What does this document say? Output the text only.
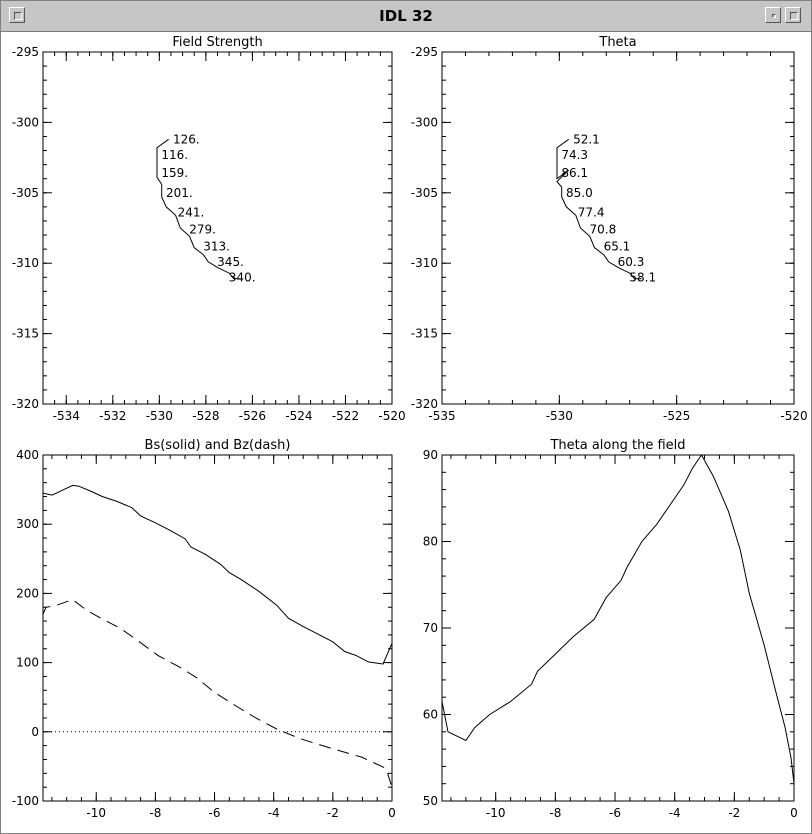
IDL 32
Field Strength
-534 -532 -530 -528 -526 -524 -522 -520
-295
-300
-305
-310
-315
-320
126.
116.
159.
201.
241.
279.
313.
345.
340.
Theta
-535	-530	-525	-520
-295
-300
-305
-310
-315
-320
52.1
74.3
86.1
85.0
77.4
70.8
65.1
60.3
58.1
Bs(solid) and Bz(dash)
-10	-8	-6	-4	-2	0
-100
0
100
200
300
400
Theta along the field
-10	-8	-6	-4	-2	0
50
60
70
80
90
